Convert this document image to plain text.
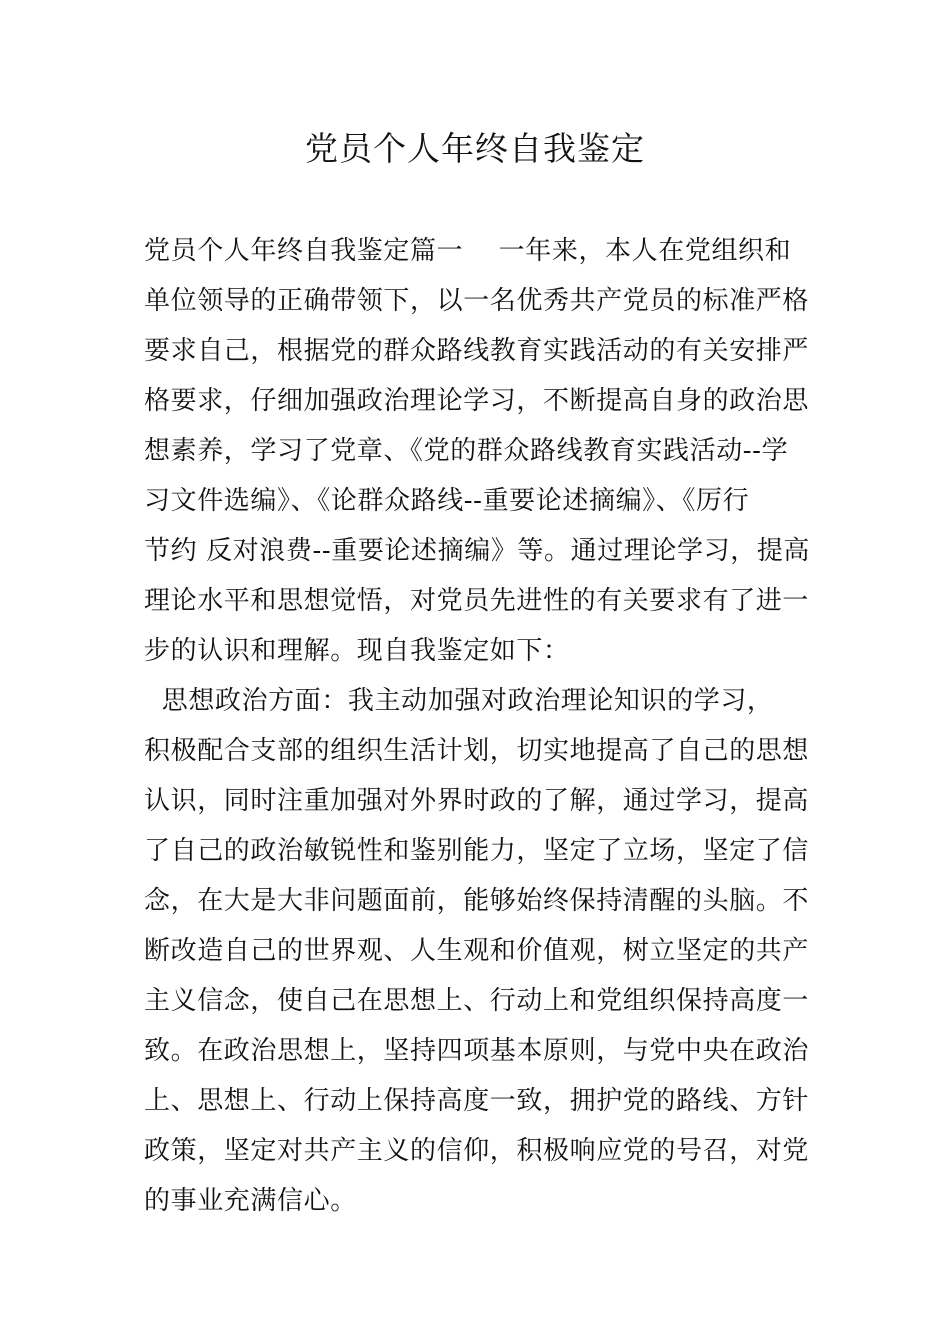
党员个人年终自我鉴定
党员个人年终自我鉴定篇一    一年来，本人在党组织和
单位领导的正确带领下，以一名优秀共产党员的标准严格
要求自己，根据党的群众路线教育实践活动的有关安排严
格要求，仔细加强政治理论学习，不断提高自身的政治思
想素养，学习了党章、《党的群众路线教育实践活动--学
习文件选编》、《论群众路线--重要论述摘编》、《厉行
节约 反对浪费--重要论述摘编》等。通过理论学习，提高
理论水平和思想觉悟，对党员先进性的有关要求有了进一
步的认识和理解。现自我鉴定如下：
思想政治方面：我主动加强对政治理论知识的学习，
积极配合支部的组织生活计划，切实地提高了自己的思想
认识，同时注重加强对外界时政的了解，通过学习，提高
了自己的政治敏锐性和鉴别能力，坚定了立场，坚定了信
念，在大是大非问题面前，能够始终保持清醒的头脑。不
断改造自己的世界观、人生观和价值观，树立坚定的共产
主义信念，使自己在思想上、行动上和党组织保持高度一
致。在政治思想上，坚持四项基本原则，与党中央在政治
上、思想上、行动上保持高度一致，拥护党的路线、方针
政策，坚定对共产主义的信仰，积极响应党的号召，对党
的事业充满信心。
